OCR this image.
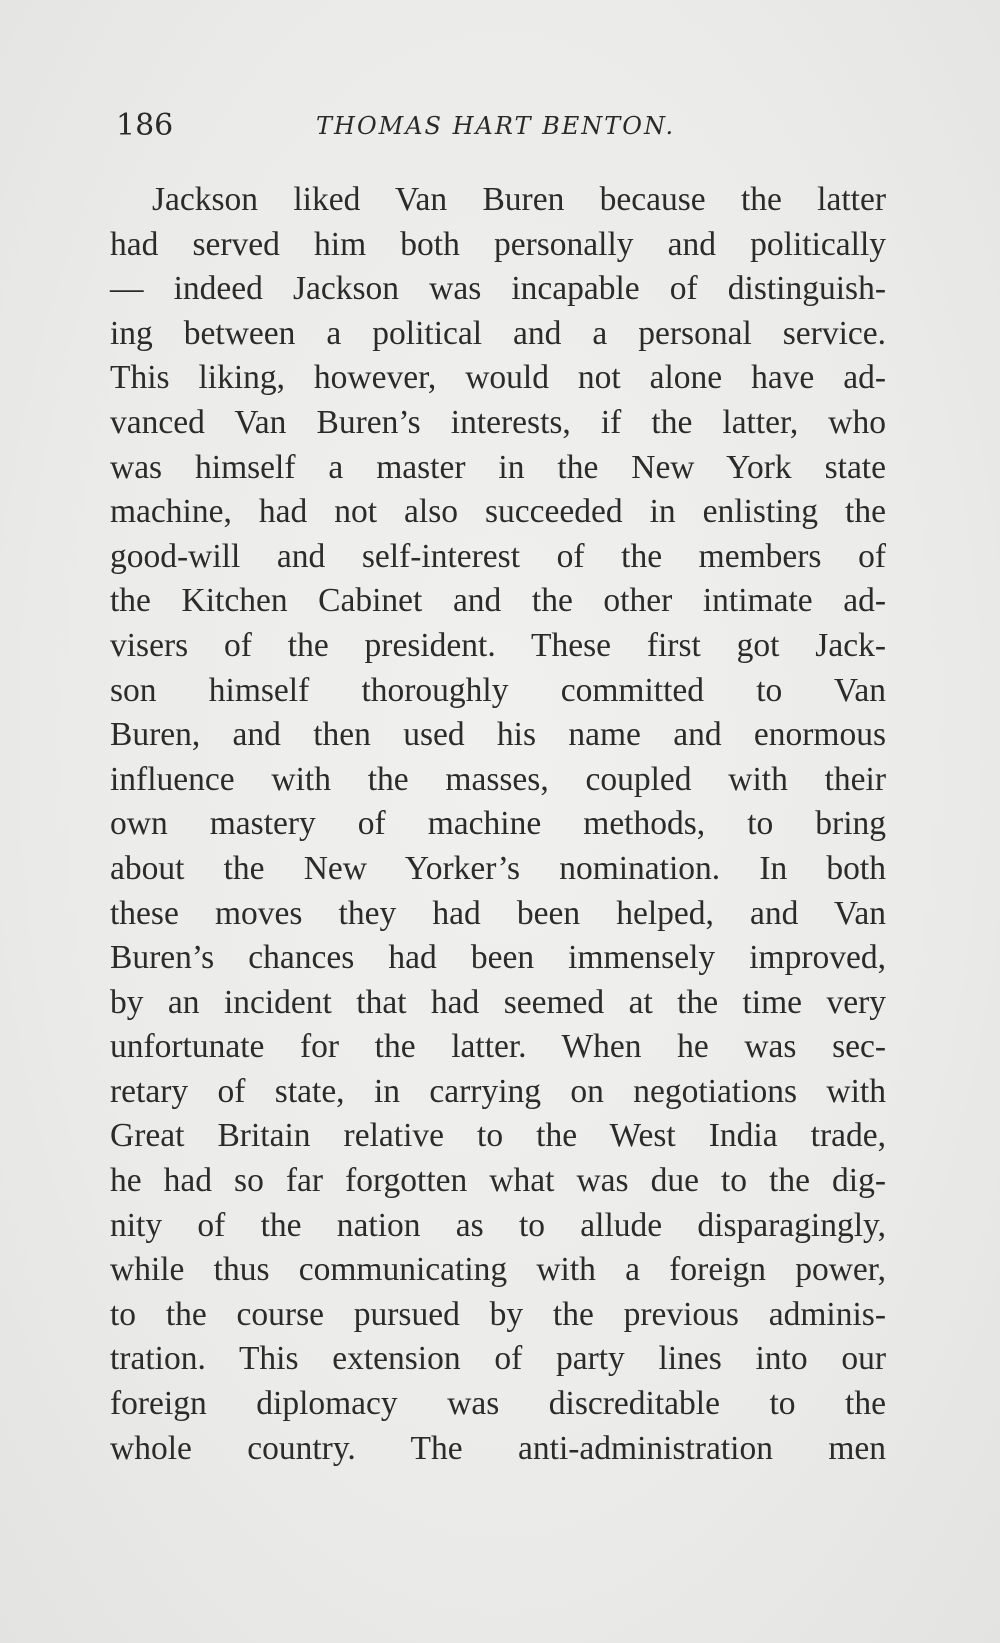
186	THOMAS HART BENTON.
Jackson liked Van Buren because the latter
had served him both personally and politically
— indeed Jackson was incapable of distinguish-
ing between a political and a personal service.
This liking, however, would not alone have ad-
vanced Van Buren’s interests, if the latter, who
was himself a master in the New York state
machine, had not also succeeded in enlisting the
good-will and self-interest of the members of
the Kitchen Cabinet and the other intimate ad-
visers of the president. These first got Jack-
son himself thoroughly committed to Van
Buren, and then used his name and enormous
influence with the masses, coupled with their
own mastery of machine methods, to bring
about the New Yorker’s nomination. In both
these moves they had been helped, and Van
Buren’s chances had been immensely improved,
by an incident that had seemed at the time very
unfortunate for the latter. When he was sec-
retary of state, in carrying on negotiations with
Great Britain relative to the West India trade,
he had so far forgotten what was due to the dig-
nity of the nation as to allude disparagingly,
while thus communicating with a foreign power,
to the course pursued by the previous adminis-
tration. This extension of party lines into our
foreign diplomacy was discreditable to the
whole country. The anti-administration men
